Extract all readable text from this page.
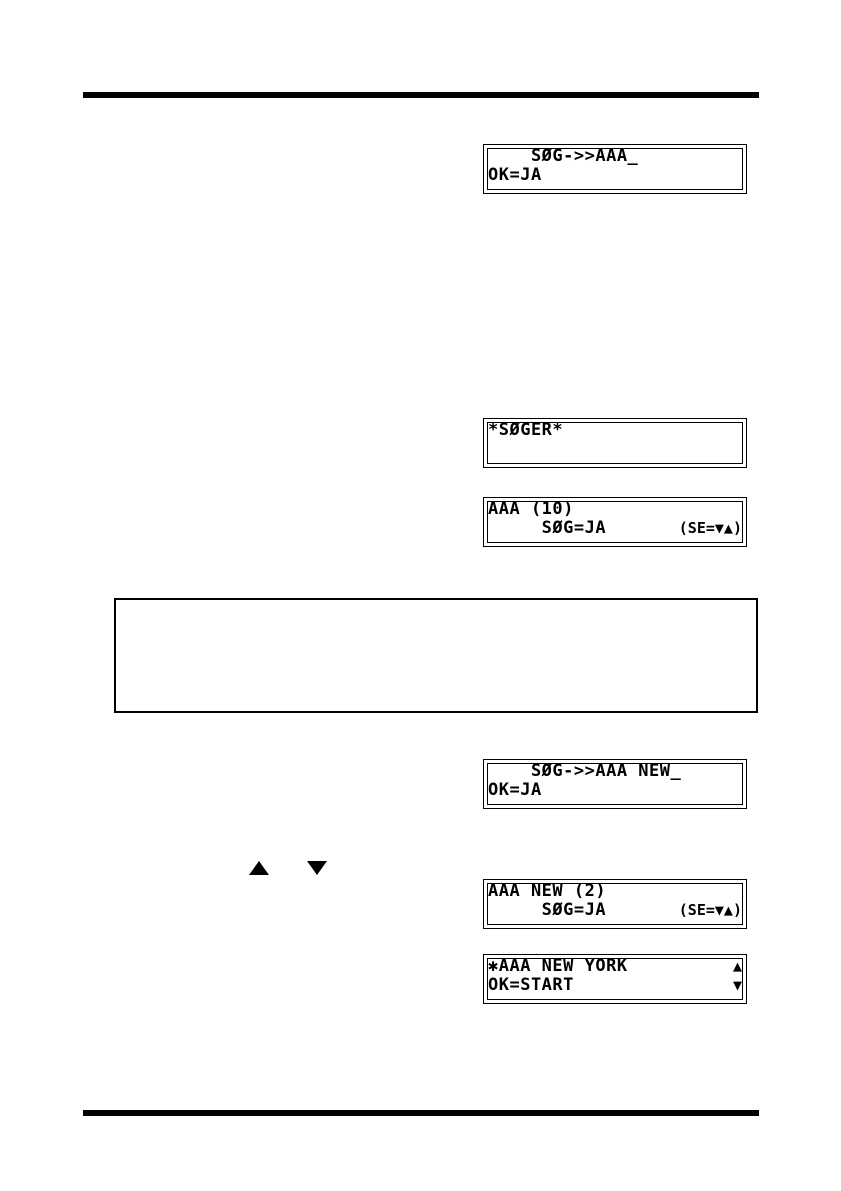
SØG->>AAA_
OK=JA
*SØGER*
AAA (10)
SØG=JA	(SE=▼▲)
SØG->>AAA NEW_
OK=JA
AAA NEW (2)
SØG=JA	(SE=▼▲)
✱AAA NEW YORK	▲
OK=START	▼
